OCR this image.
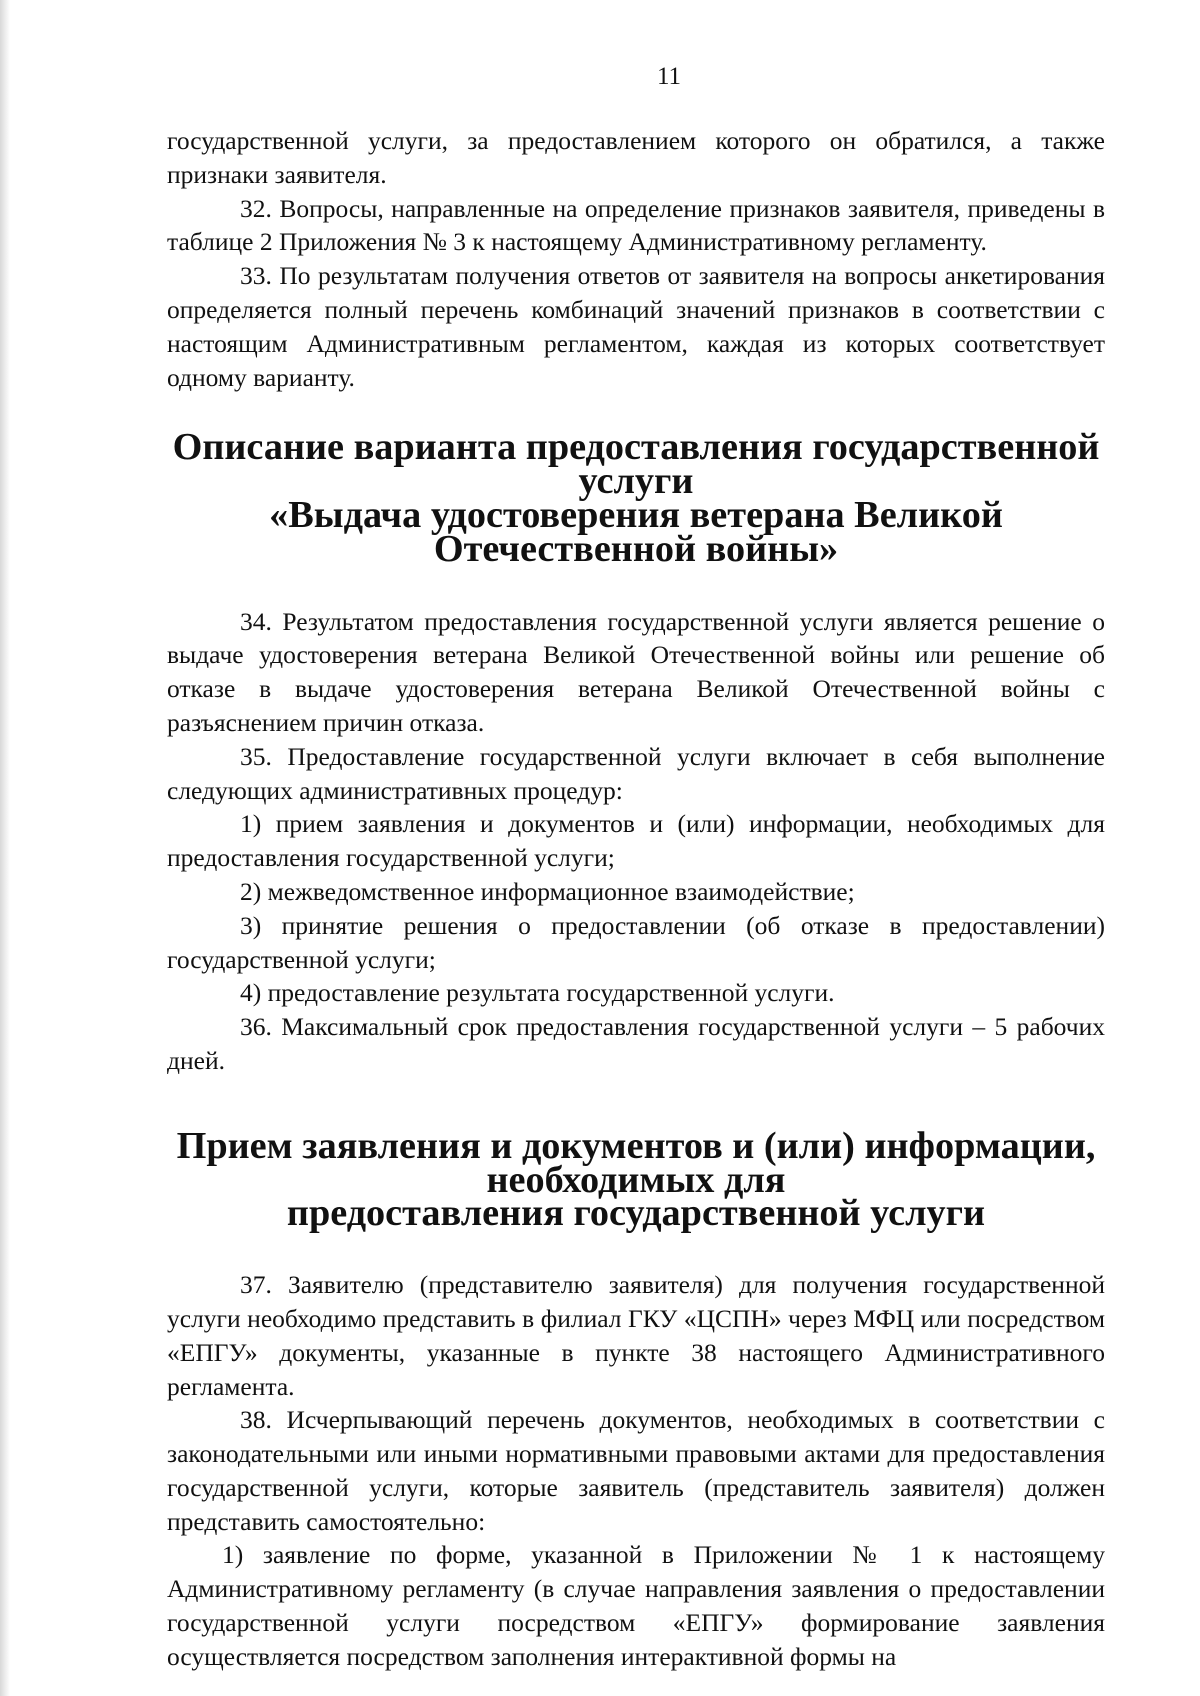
11

государственной услуги, за предоставлением которого он обратился, а также признаки заявителя.

32. Вопросы, направленные на определение признаков заявителя, приведены в таблице 2 Приложения № 3 к настоящему Административному регламенту.

33. По результатам получения ответов от заявителя на вопросы анкетирования определяется полный перечень комбинаций значений признаков в соответствии с настоящим Административным регламентом, каждая из которых соответствует одному варианту.

Описание варианта предоставления государственной услуги
«Выдача удостоверения ветерана Великой Отечественной войны»

34. Результатом предоставления государственной услуги является решение о выдаче удостоверения ветерана Великой Отечественной войны или решение об отказе в выдаче удостоверения ветерана Великой Отечественной войны с разъяснением причин отказа.

35. Предоставление государственной услуги включает в себя выполнение следующих административных процедур:

1) прием заявления и документов и (или) информации, необходимых для предоставления государственной услуги;

2) межведомственное информационное взаимодействие;

3) принятие решения о предоставлении (об отказе в предоставлении) государственной услуги;

4) предоставление результата государственной услуги.

36. Максимальный срок предоставления государственной услуги – 5 рабочих дней.

Прием заявления и документов и (или) информации, необходимых для
предоставления государственной услуги

37. Заявителю (представителю заявителя) для получения государственной услуги необходимо представить в филиал ГКУ «ЦСПН» через МФЦ или посредством «ЕПГУ» документы, указанные в пункте 38 настоящего Административного регламента.

38. Исчерпывающий перечень документов, необходимых в соответствии с законодательными или иными нормативными правовыми актами для предоставления государственной услуги, которые заявитель (представитель заявителя) должен представить самостоятельно:

1) заявление по форме, указанной в Приложении № 1 к настоящему Административному регламенту (в случае направления заявления о предоставлении государственной услуги посредством «ЕПГУ» формирование заявления осуществляется посредством заполнения интерактивной формы на
